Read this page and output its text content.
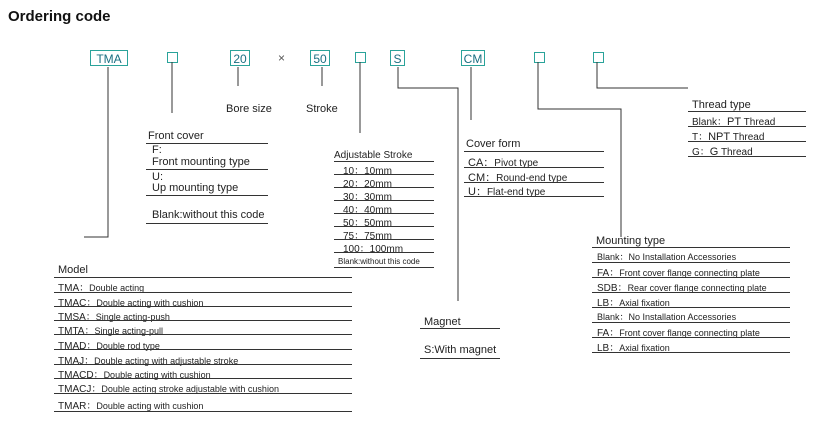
Ordering code
TMA	20	× 50	S	CM
Bore size	Stroke
Front cover
F:
Front mounting type
U:
Up mounting type
Blank:without this code
Adjustable Stroke
10：10mm
20：20mm
30：30mm
40：40mm
50：50mm
75：75mm
100：100mm
Blank:without this code
Cover form
CA：Pivot type
CM：Round-end type
U：Flat-end type
Thread type
Blank：PT Thread
T：NPT Thread
G：G Thread
Mounting type
Blank：No Installation Accessories
FA：Front cover flange connecting plate
SDB：Rear cover flange connecting plate
LB：Axial fixation
Blank：No Installation Accessories
FA：Front cover flange connecting plate
LB：Axial fixation
Magnet
S:With magnet
Model
TMA：Double acting
TMAC：Double acting with cushion
TMSA：Single acting-push
TMTA：Single acting-pull
TMAD：Double rod type
TMAJ：Double acting with adjustable stroke
TMACD：Double acting with cushion
TMACJ：Double acting stroke adjustable with cushion
TMAR：Double acting with cushion
